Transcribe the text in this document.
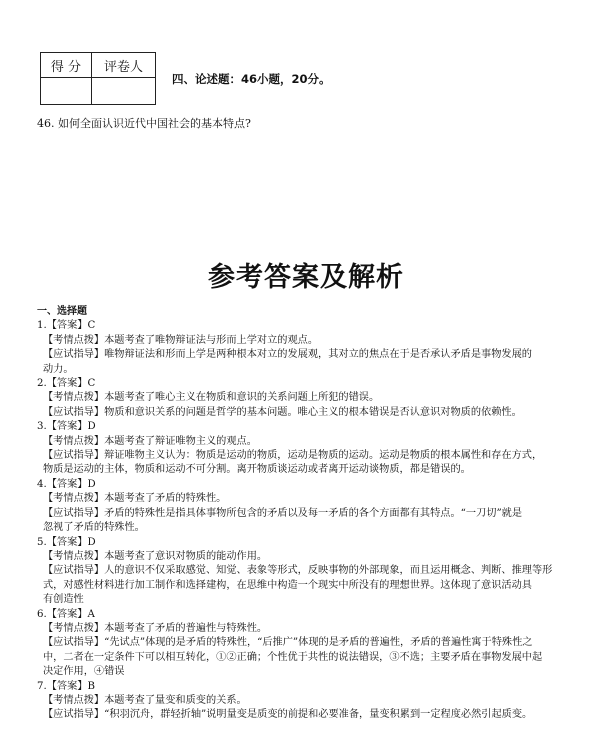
得 分	评卷人

四、论述题：46小题，20分。
46. 如何全面认识近代中国社会的基本特点?
参考答案及解析
一、选择题
1.【答案】C
【考情点拨】本题考查了唯物辩证法与形而上学对立的观点。
【应试指导】唯物辩证法和形而上学是两种根本对立的发展观，其对立的焦点在于是否承认矛盾是事物发展的
动力。
2.【答案】C
【考情点拨】本题考查了唯心主义在物质和意识的关系问题上所犯的错误。
【应试指导】物质和意识关系的问题是哲学的基本问题。唯心主义的根本错误是否认意识对物质的依赖性。
3.【答案】D
【考情点拨】本题考查了辩证唯物主义的观点。
【应试指导】辩证唯物主义认为：物质是运动的物质，运动是物质的运动。运动是物质的根本属性和存在方式，
物质是运动的主体，物质和运动不可分割。离开物质谈运动或者离开运动谈物质，都是错误的。
4.【答案】D
【考情点拨】本题考查了矛盾的特殊性。
【应试指导】矛盾的特殊性是指具体事物所包含的矛盾以及每一矛盾的各个方面都有其特点。“一刀切”就是
忽视了矛盾的特殊性。
5.【答案】D
【考情点拨】本题考查了意识对物质的能动作用。
【应试指导】人的意识不仅采取感觉、知觉、表象等形式，反映事物的外部现象，而且运用概念、判断、推理等形
式，对感性材料进行加工制作和选择建构，在思维中构造一个现实中所没有的理想世界。这体现了意识活动具
有创造性
6.【答案】A
【考情点拨】本题考查了矛盾的普遍性与特殊性。
【应试指导】“先试点”体现的是矛盾的特殊性，“后推广”体现的是矛盾的普遍性，矛盾的普遍性寓于特殊性之
中，二者在一定条件下可以相互转化，①②正确；个性优于共性的说法错误，③不选；主要矛盾在事物发展中起
决定作用，④错误
7.【答案】B
【考情点拨】本题考查了量变和质变的关系。
【应试指导】“积羽沉舟，群轻折轴”说明量变是质变的前提和必要准备，量变积累到一定程度必然引起质变。
